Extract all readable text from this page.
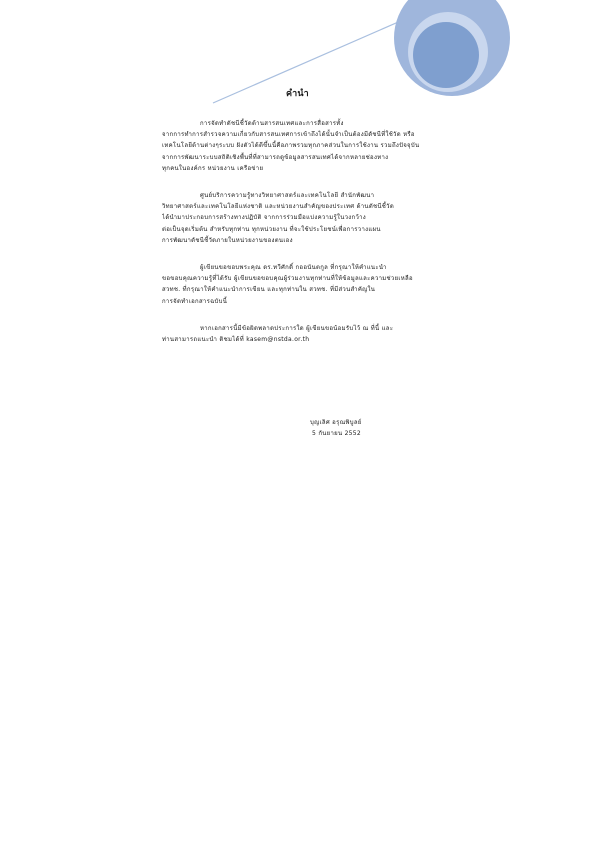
คำนำ

การจัดทำดัชนีชี้วัดด้านสารสนเทศและการสื่อสารทั้ง
จากการทำการสำรวจความเกี่ยวกับสารสนเทศการเข้าถึงได้นั้นจำเป็นต้องมีดัชนีที่ใช้วัด หรือ
เทคโนโลยีด้านต่างๆระบบ ฝังตัวได้ดีขึ้นนี้คือภาพรวมทุกภาคส่วนในการใช้งาน รวมถึงปัจจุบัน
จากการพัฒนาระบบสถิติเชิงพื้นที่ที่สามารถดูข้อมูลสารสนเทศได้จากหลายช่องทาง
ทุกคนในองค์กร หน่วยงาน เครือข่าย

ศูนย์บริการความรู้ทางวิทยาศาสตร์และเทคโนโลยี สำนักพัฒนา
วิทยาศาสตร์และเทคโนโลยีแห่งชาติ และหน่วยงานสำคัญของประเทศ ด้านดัชนีชี้วัด
ได้นำมาประกอบการสร้างทางปฏิบัติ จากการร่วมมือแบ่งความรู้ในวงกว้าง
ต่อเป็นจุดเริ่มต้น สำหรับทุกท่าน ทุกหน่วยงาน ที่จะใช้ประโยชน์เพื่อการวางแผน
การพัฒนาดัชนีชี้วัดภายในหน่วยงานของตนเอง

ผู้เขียนขอขอบพระคุณ ดร.ทวีศักดิ์ กออนันตกูล ที่กรุณาให้คำแนะนำ
ขอขอบคุณความรู้ที่ได้รับ ผู้เขียนขอขอบคุณผู้ร่วมงานทุกท่านที่ให้ข้อมูลและความช่วยเหลือ
สวทช. ที่กรุณาให้คำแนะนำการเขียน และทุกท่านใน สวทช. ที่มีส่วนสำคัญใน
การจัดทำเอกสารฉบับนี้

หากเอกสารนี้มีข้อผิดพลาดประการใด ผู้เขียนขอน้อมรับไว้ ณ ที่นี้ และ
ท่านสามารถแนะนำ ติชมได้ที่ kasem@nstda.or.th

บุญเลิศ อรุณพิบูลย์
5 กันยายน 2552
